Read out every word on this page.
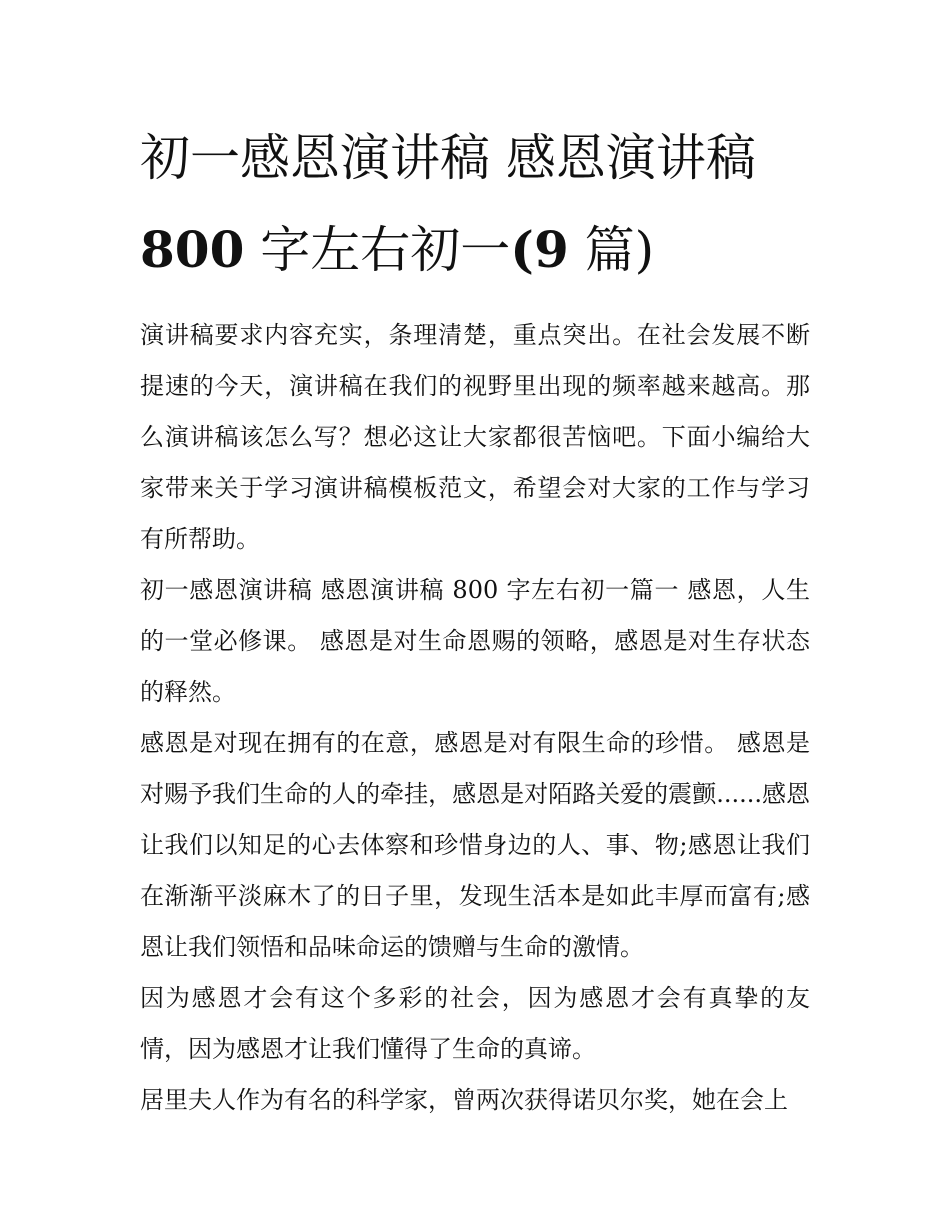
初一感恩演讲稿 感恩演讲稿
800 字左右初一(9 篇)

演讲稿要求内容充实，条理清楚，重点突出。在社会发展不断提速的今天，演讲稿在我们的视野里出现的频率越来越高。那么演讲稿该怎么写？想必这让大家都很苦恼吧。下面小编给大家带来关于学习演讲稿模板范文，希望会对大家的工作与学习有所帮助。

初一感恩演讲稿 感恩演讲稿 800 字左右初一篇一 感恩，人生的一堂必修课。 感恩是对生命恩赐的领略，感恩是对生存状态的释然。

感恩是对现在拥有的在意，感恩是对有限生命的珍惜。 感恩是对赐予我们生命的人的牵挂，感恩是对陌路关爱的震颤......感恩让我们以知足的心去体察和珍惜身边的人、事、物;感恩让我们在渐渐平淡麻木了的日子里，发现生活本是如此丰厚而富有;感恩让我们领悟和品味命运的馈赠与生命的激情。

因为感恩才会有这个多彩的社会，因为感恩才会有真挚的友情，因为感恩才让我们懂得了生命的真谛。

居里夫人作为有名的科学家，曾两次获得诺贝尔奖，她在会上
